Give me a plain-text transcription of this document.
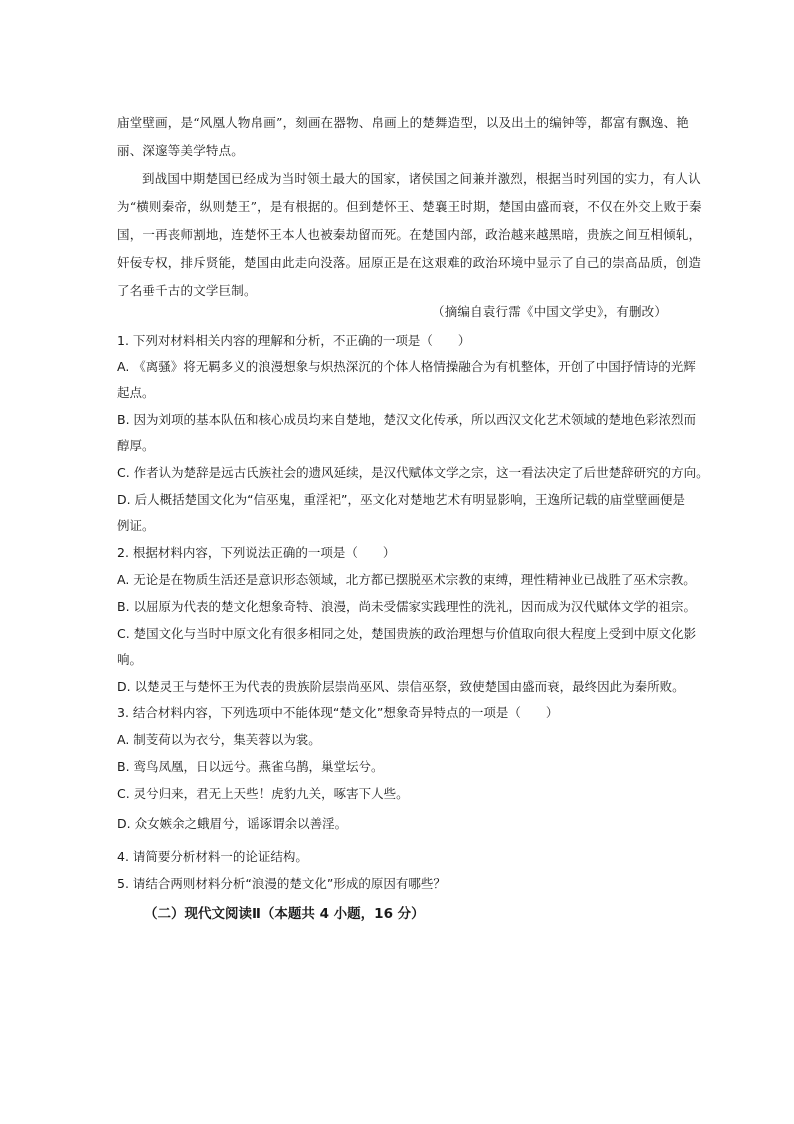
庙堂壁画，是“风凰人物帛画”，刻画在器物、帛画上的楚舞造型，以及出土的编钟等，都富有飘逸、艳
丽、深邃等美学特点。
到战国中期楚国已经成为当时领土最大的国家，诸侯国之间兼并激烈，根据当时列国的实力，有人认
为“横则秦帝，纵则楚王”，是有根据的。但到楚怀王、楚襄王时期，楚国由盛而衰，不仅在外交上败于秦
国，一再丧师割地，连楚怀王本人也被秦劫留而死。在楚国内部，政治越来越黑暗，贵族之间互相倾轧，
奸佞专权，排斥贤能，楚国由此走向没落。屈原正是在这艰难的政治环境中显示了自己的崇高品质，创造
了名垂千古的文学巨制。
（摘编自袁行霈《中国文学史》，有删改）
1. 下列对材料相关内容的理解和分析，不正确的一项是（　　）
A. 《离骚》将无羁多义的浪漫想象与炽热深沉的个体人格情操融合为有机整体，开创了中国抒情诗的光辉
起点。
B. 因为刘项的基本队伍和核心成员均来自楚地，楚汉文化传承，所以西汉文化艺术领域的楚地色彩浓烈而
醇厚。
C. 作者认为楚辞是远古氏族社会的遗风延续，是汉代赋体文学之宗，这一看法决定了后世楚辞研究的方向。
D. 后人概括楚国文化为“信巫鬼，重淫祀”，巫文化对楚地艺术有明显影响，王逸所记载的庙堂壁画便是
例证。
2. 根据材料内容，下列说法正确的一项是（　　）
A. 无论是在物质生活还是意识形态领域，北方都已摆脱巫术宗教的束缚，理性精神业已战胜了巫术宗教。
B. 以屈原为代表的楚文化想象奇特、浪漫，尚未受儒家实践理性的洗礼，因而成为汉代赋体文学的祖宗。
C. 楚国文化与当时中原文化有很多相同之处，楚国贵族的政治理想与价值取向很大程度上受到中原文化影
响。
D. 以楚灵王与楚怀王为代表的贵族阶层崇尚巫风、崇信巫祭，致使楚国由盛而衰，最终因此为秦所败。
3. 结合材料内容，下列选项中不能体现“楚文化”想象奇异特点的一项是（　　）
A. 制芰荷以为衣兮，集芙蓉以为裳。
B. 鸾鸟凤凰，日以远兮。燕雀乌鹊，巢堂坛兮。
C. 灵兮归来，君无上天些！虎豹九关，啄害下人些。
D. 众女嫉余之蛾眉兮，谣诼谓余以善淫。
4. 请简要分析材料一的论证结构。
5. 请结合两则材料分析“浪漫的楚文化”形成的原因有哪些？
（二）现代文阅读Ⅱ（本题共 4 小题，16 分）
